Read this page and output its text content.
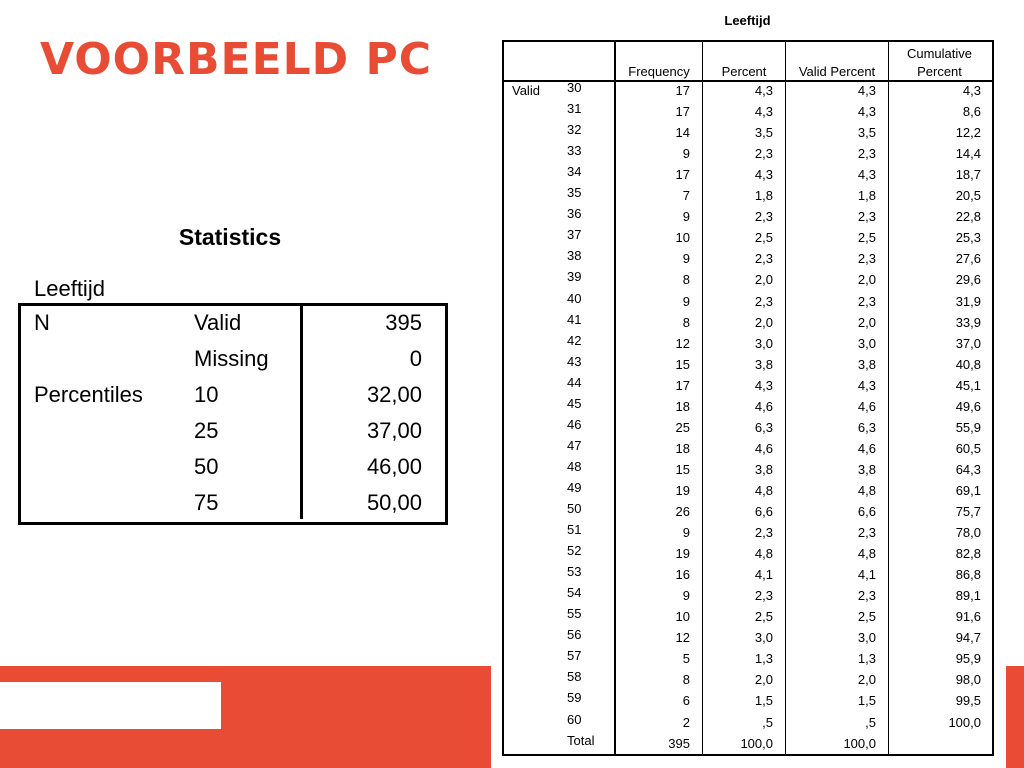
VOORBEELD PC
Statistics
Leeftijd
N	Valid	395
Missing	0
Percentiles 10	32,00
25	37,00
50	46,00
75	50,00
Leeftijd
Frequency	Percent	Valid Percent
Cumulative
Percent
Valid 30	17	4,3	4,3	4,3
31	17	4,3	4,3	8,6
32	14	3,5	3,5	12,2
33	9	2,3	2,3	14,4
34	17	4,3	4,3	18,7
35	7	1,8	1,8	20,5
36	9	2,3	2,3	22,8
37	10	2,5	2,5	25,3
38	9	2,3	2,3	27,6
39	8	2,0	2,0	29,6
40	9	2,3	2,3	31,9
41	8	2,0	2,0	33,9
42	12	3,0	3,0	37,0
43	15	3,8	3,8	40,8
44	17	4,3	4,3	45,1
45	18	4,6	4,6	49,6
46	25	6,3	6,3	55,9
47	18	4,6	4,6	60,5
48	15	3,8	3,8	64,3
49	19	4,8	4,8	69,1
50	26	6,6	6,6	75,7
51	9	2,3	2,3	78,0
52	19	4,8	4,8	82,8
53	16	4,1	4,1	86,8
54	9	2,3	2,3	89,1
55	10	2,5	2,5	91,6
56	12	3,0	3,0	94,7
57	5	1,3	1,3	95,9
58	8	2,0	2,0	98,0
59	6	1,5	1,5	99,5
60	2	,5	,5	100,0
Total	395	100,0	100,0
